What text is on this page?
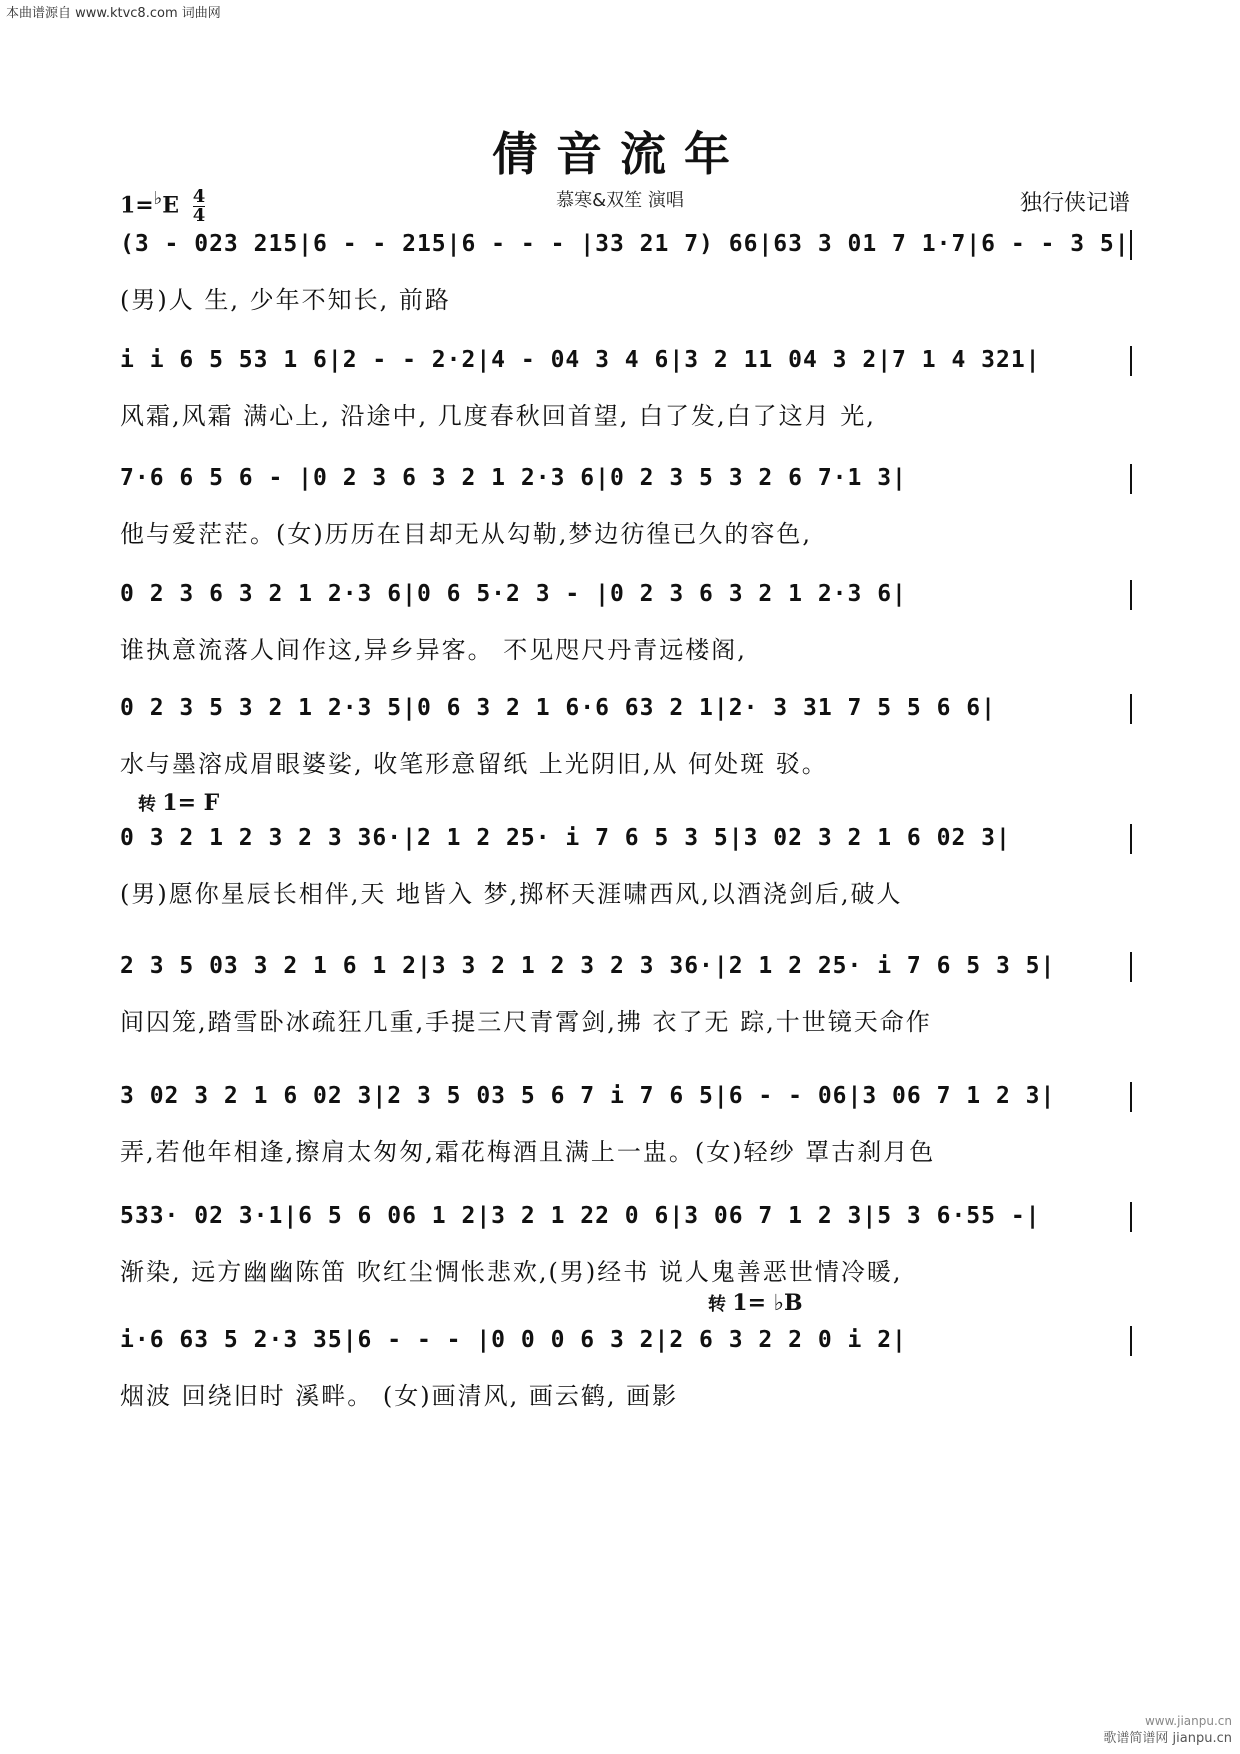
本曲谱源自 www.ktvc8.com 词曲网
倩音流年
$1=^♭E \frac{4}{4}$	慕寒&双笙 演唱	独行侠记谱
(3 - 023 215|6 - - 215|6 - - - |33 21 7) 66|63 3 01 7 1·7|6 - - 3 5|
(男)人 生, 少年不知长, 前路
i i 6 5 53 1 6|2 - - 2·2|4 - 04 3 4 6|3 2 11 04 3 2|7 1 4 321|
风霜,风霜 满心上, 沿途中, 几度春秋回首望, 白了发,白了这月 光,
7·6 6 5 6 - |0 2 3 6 3 2 1 2·3 6|0 2 3 5 3 2 6 7·1 3|
他与爱茫茫。(女)历历在目却无从勾勒,梦边彷徨已久的容色,
0 2 3 6 3 2 1 2·3 6|0 6 5·2 3 - |0 2 3 6 3 2 1 2·3 6|
谁执意流落人间作这,异乡异客。 不见咫尺丹青远楼阁,
0 2 3 5 3 2 1 2·3 5|0 6 3 2 1 6·6 63 2 1|2· 3 31 7 5 5 6 6|
水与墨溶成眉眼婆娑, 收笔形意留纸 上光阴旧,从 何处斑 驳。
转 1= F
0 3 2 1 2 3 2 3 36·|2 1 2 25· i 7 6 5 3 5|3 02 3 2 1 6 02 3|
(男)愿你星辰长相伴,天 地皆入 梦,掷杯天涯啸西风,以酒浇剑后,破人
2 3 5 03 3 2 1 6 1 2|3 3 2 1 2 3 2 3 36·|2 1 2 25· i 7 6 5 3 5|
间囚笼,踏雪卧冰疏狂几重,手提三尺青霄剑,拂 衣了无 踪,十世镜天命作
3 02 3 2 1 6 02 3|2 3 5 03 5 6 7 i 7 6 5|6 - - 06|3 06 7 1 2 3|
弄,若他年相逢,擦肩太匆匆,霜花梅酒且满上一盅。(女)轻纱 罩古刹月色
533· 02 3·1|6 5 6 06 1 2|3 2 1 22 0 6|3 06 7 1 2 3|5 3 6·55 -|
渐染, 远方幽幽陈笛 吹红尘惆怅悲欢,(男)经书 说人鬼善恶世情冷暖,
转 1= ♭B
i·6 63 5 2·3 35|6 - - - |0 0 0 6 3 2|2 6 3 2 2 0 i 2|
烟波 回绕旧时 溪畔。 (女)画清风, 画云鹤, 画影
www.jianpu.cn
歌谱简谱网 jianpu.cn
